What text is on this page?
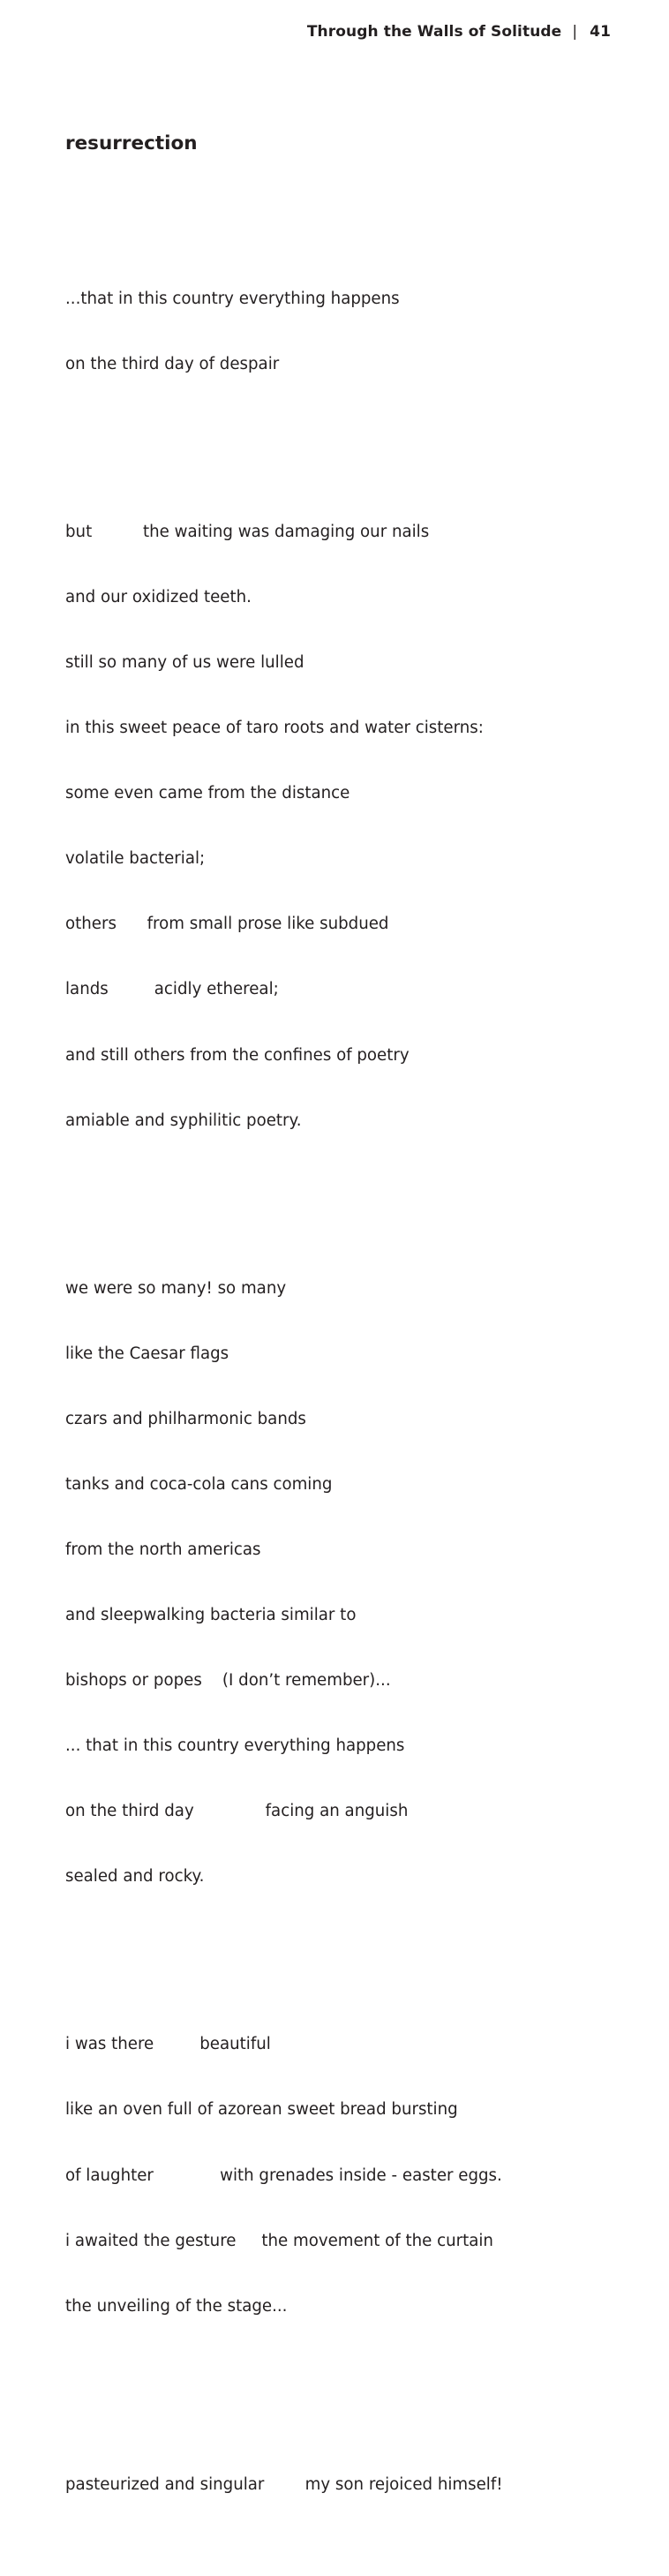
Through the Walls of Solitude | 41
resurrection

...that in this country everything happens

on the third day of despair

but          the waiting was damaging our nails

and our oxidized teeth.

still so many of us were lulled

in this sweet peace of taro roots and water cisterns:

some even came from the distance

volatile bacterial;

others      from small prose like subdued

lands         acidly ethereal;

and still others from the confines of poetry

amiable and syphilitic poetry.

we were so many! so many

like the Caesar flags

czars and philharmonic bands

tanks and coca-cola cans coming

from the north americas

and sleepwalking bacteria similar to

bishops or popes    (I don’t remember)...

... that in this country everything happens

on the third day              facing an anguish

sealed and rocky.

i was there         beautiful

like an oven full of azorean sweet bread bursting

of laughter             with grenades inside - easter eggs.

i awaited the gesture     the movement of the curtain

the unveiling of the stage...

pasteurized and singular        my son rejoiced himself!
